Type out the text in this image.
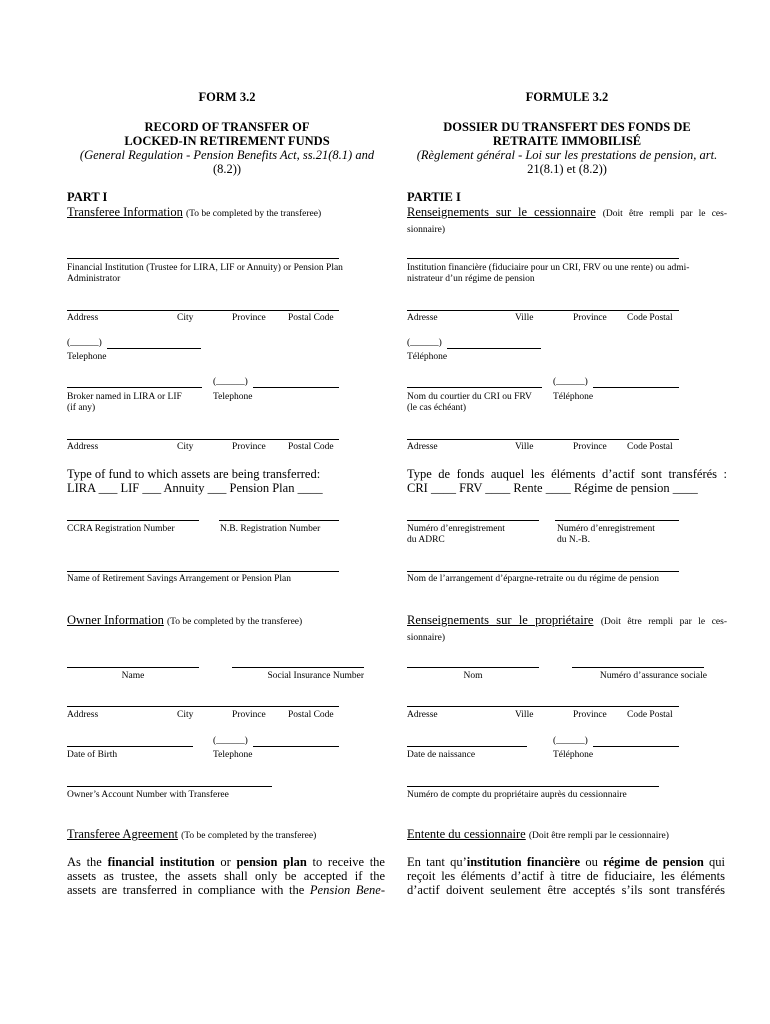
FORM 3.2
RECORD OF TRANSFER OF
LOCKED-IN RETIREMENT FUNDS
(General Regulation - Pension Benefits Act, ss.21(8.1) and
(8.2))
PART I
Transferee Information (To be completed by the transferee)
Financial Institution (Trustee for LIRA, LIF or Annuity) or Pension Plan
Administrator
Address	City	Province Postal Code
(______)
Telephone
(______)
Broker named in LIRA or LIF
(if any)
Telephone
Address	City	Province Postal Code
Type of fund to which assets are being transferred:
LIRA ___ LIF ___ Annuity ___ Pension Plan ____
CCRA Registration Number	N.B. Registration Number
Name of Retirement Savings Arrangement or Pension Plan
Owner Information (To be completed by the transferee)
Name	Social Insurance Number
Address	City	Province Postal Code
(______)
Date of Birth	Telephone
Owner’s Account Number with Transferee
Transferee Agreement (To be completed by the transferee)
As the financial institution or pension plan to receive the
assets as trustee, the assets shall only be accepted if the
assets are transferred in compliance with the Pension Bene-
FORMULE 3.2
DOSSIER DU TRANSFERT DES FONDS DE
RETRAITE IMMOBILISÉ
(Règlement général - Loi sur les prestations de pension, art.
21(8.1) et (8.2))
PARTIE I
Renseignements sur le cessionnaire (Doit être rempli par le ces-
sionnaire)
Institution financière (fiduciaire pour un CRI, FRV ou une rente) ou admi-
nistrateur d’un régime de pension
Adresse	Ville	Province Code Postal
(______)
Téléphone
(______)
Nom du courtier du CRI ou FRV
(le cas échéant)
Téléphone
Adresse	Ville	Province Code Postal
Type de fonds auquel les éléments d’actif sont transférés :
CRI ____ FRV ____ Rente ____ Régime de pension ____
Numéro d’enregistrement
du ADRC
Numéro d’enregistrement
du N.-B.
Nom de l’arrangement d’épargne-retraite ou du régime de pension
Renseignements sur le propriétaire (Doit être rempli par le ces-
sionnaire)
Nom	Numéro d’assurance sociale
Adresse	Ville	Province Code Postal
(______)
Date de naissance	Téléphone
Numéro de compte du propriétaire auprès du cessionnaire
Entente du cessionnaire (Doit être rempli par le cessionnaire)
En tant qu’institution financière ou régime de pension qui
reçoit les éléments d’actif à titre de fiduciaire, les éléments
d’actif doivent seulement être acceptés s’ils sont transférés
